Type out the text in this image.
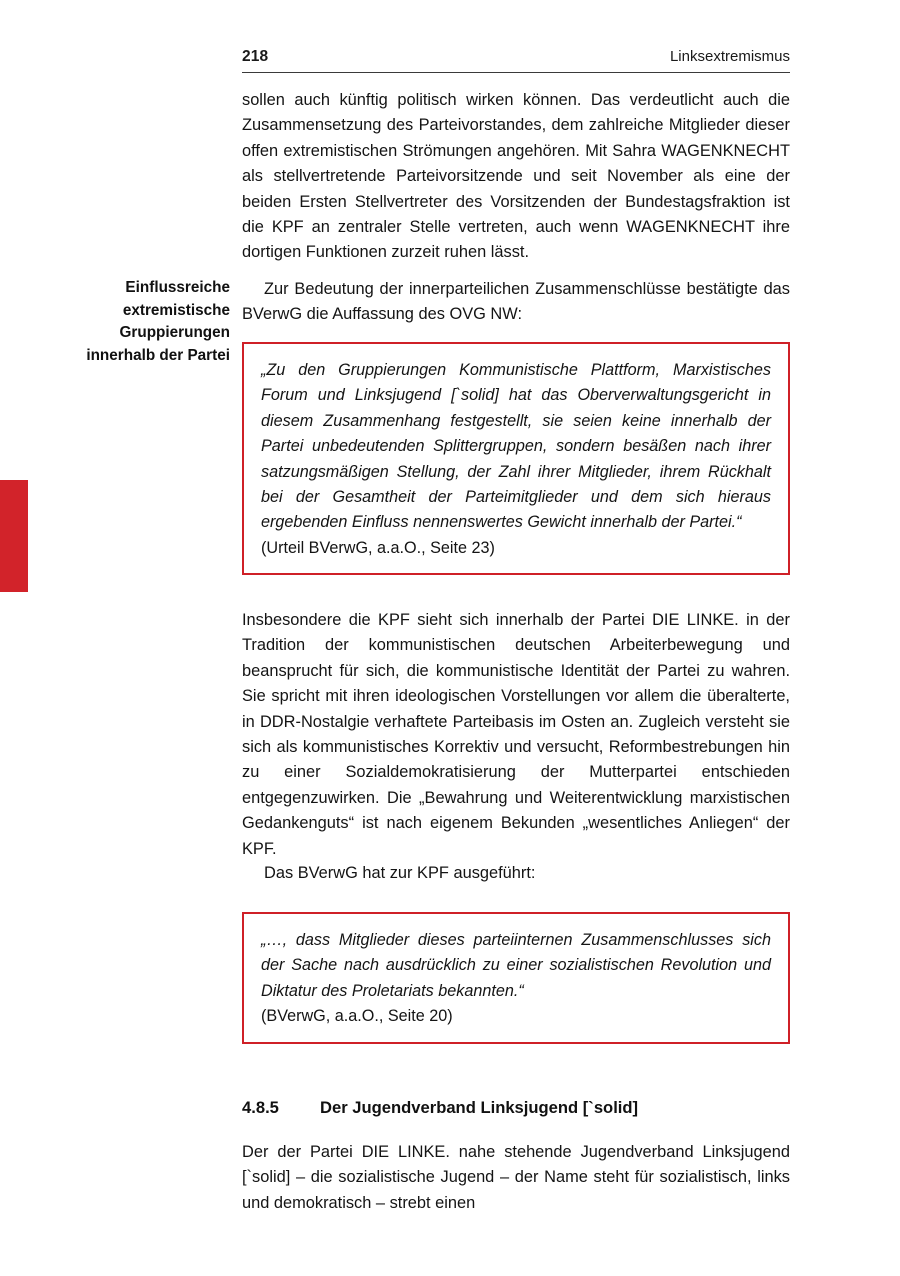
218	Linksextremismus

sollen auch künftig politisch wirken können. Das verdeutlicht auch die Zusammensetzung des Parteivorstandes, dem zahlreiche Mitglieder dieser offen extremistischen Strömungen angehören. Mit Sahra WAGENKNECHT als stellvertretende Parteivorsitzende und seit November als eine der beiden Ersten Stellvertreter des Vorsitzenden der Bundestagsfraktion ist die KPF an zentraler Stelle vertreten, auch wenn WAGENKNECHT ihre dortigen Funktionen zurzeit ruhen lässt.

Einflussreiche
extremistische
Gruppierungen
innerhalb der Partei

Zur Bedeutung der innerparteilichen Zusammenschlüsse bestätigte das BVerwG die Auffassung des OVG NW:

„Zu den Gruppierungen Kommunistische Plattform, Marxistisches Forum und Linksjugend [`solid] hat das Oberverwaltungsgericht in diesem Zusammenhang festgestellt, sie seien keine innerhalb der Partei unbedeutenden Splittergruppen, sondern besäßen nach ihrer satzungsmäßigen Stellung, der Zahl ihrer Mitglieder, ihrem Rückhalt bei der Gesamtheit der Parteimitglieder und dem sich hieraus ergebenden Einfluss nennenswertes Gewicht innerhalb der Partei.“

(Urteil BVerwG, a.a.O., Seite 23)

Insbesondere die KPF sieht sich innerhalb der Partei DIE LINKE. in der Tradition der kommunistischen deutschen Arbeiterbewegung und beansprucht für sich, die kommunistische Identität der Partei zu wahren. Sie spricht mit ihren ideologischen Vorstellungen vor allem die überalterte, in DDR-Nostalgie verhaftete Parteibasis im Osten an. Zugleich versteht sie sich als kommunistisches Korrektiv und versucht, Reformbestrebungen hin zu einer Sozialdemokratisierung der Mutterpartei entschieden entgegenzuwirken. Die „Bewahrung und Weiterentwicklung marxistischen Gedankenguts“ ist nach eigenem Bekunden „wesentliches Anliegen“ der KPF.

Das BVerwG hat zur KPF ausgeführt:

„…, dass Mitglieder dieses parteiinternen Zusammenschlusses sich der Sache nach ausdrücklich zu einer sozialistischen Revolution und Diktatur des Proletariats bekannten.“

(BVerwG, a.a.O., Seite 20)

4.8.5	Der Jugendverband Linksjugend [`solid]

Der der Partei DIE LINKE. nahe stehende Jugendverband Linksjugend [`solid] – die sozialistische Jugend – der Name steht für sozialistisch, links und demokratisch – strebt einen
